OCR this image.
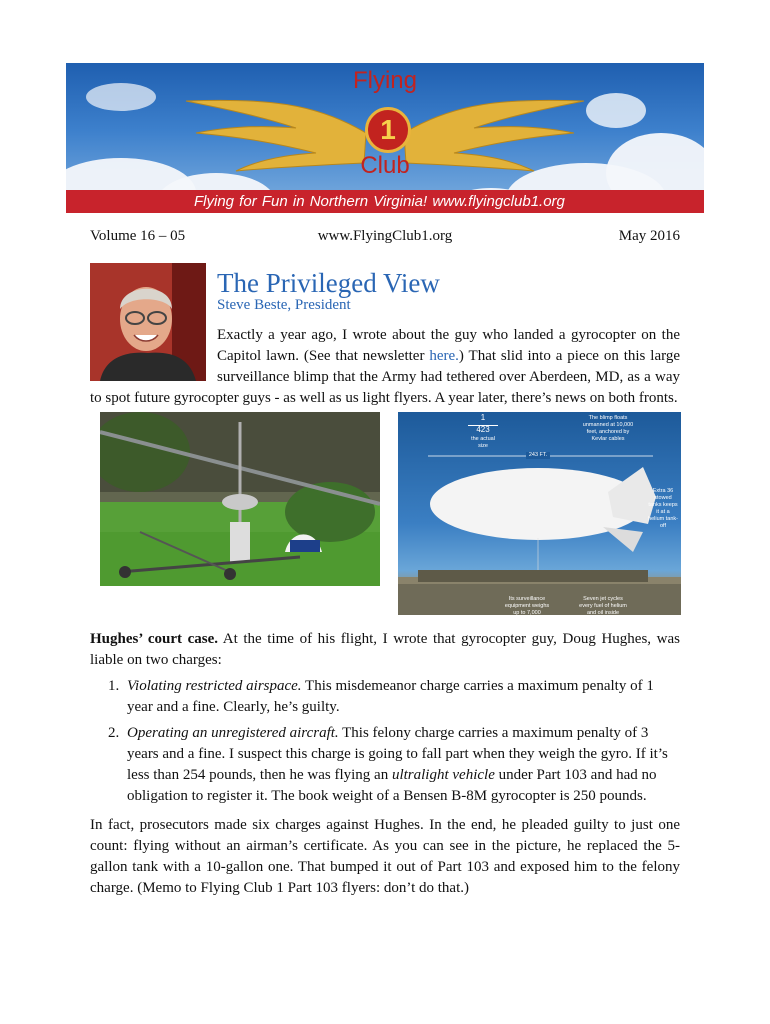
Flying
1
Club
Flying for Fun in Northern Virginia! www.flyingclub1.org
Volume 16 – 05	www.FlyingClub1.org	May 2016
The Privileged View
Steve Beste, President
Exactly a year ago, I wrote about the guy who landed a gyrocopter on the Capitol lawn. (See that newsletter here.) That slid into a piece on this large surveillance blimp that the Army had tethered over Aberdeen, MD, as a way to spot future gyrocopter guys - as well as us light flyers. A year later, there’s news on both fronts.
1
423
the actual size
The blimp floats unmanned at 10,000 feet, anchored by Kevlar cables
243 FT.
Extra 36 stowed tanks keeps it at a helium tank-off
Its surveillance equipment weighs up to 7,000
Seven jet cycles every fuel of helium and oil inside

Hughes’ court case. At the time of his flight, I wrote that gyrocopter guy, Doug Hughes, was liable on two charges:

1. Violating restricted airspace. This misdemeanor charge carries a maximum penalty of 1 year and a fine. Clearly, he’s guilty.
2. Operating an unregistered aircraft. This felony charge carries a maximum penalty of 3 years and a fine. I suspect this charge is going to fall part when they weigh the gyro. If it’s less than 254 pounds, then he was flying an ultralight vehicle under Part 103 and had no obligation to register it. The book weight of a Bensen B-8M gyrocopter is 250 pounds.

In fact, prosecutors made six charges against Hughes. In the end, he pleaded guilty to just one count: flying without an airman’s certificate. As you can see in the picture, he replaced the 5-gallon tank with a 10-gallon one. That bumped it out of Part 103 and exposed him to the felony charge. (Memo to Flying Club 1 Part 103 flyers: don’t do that.)
